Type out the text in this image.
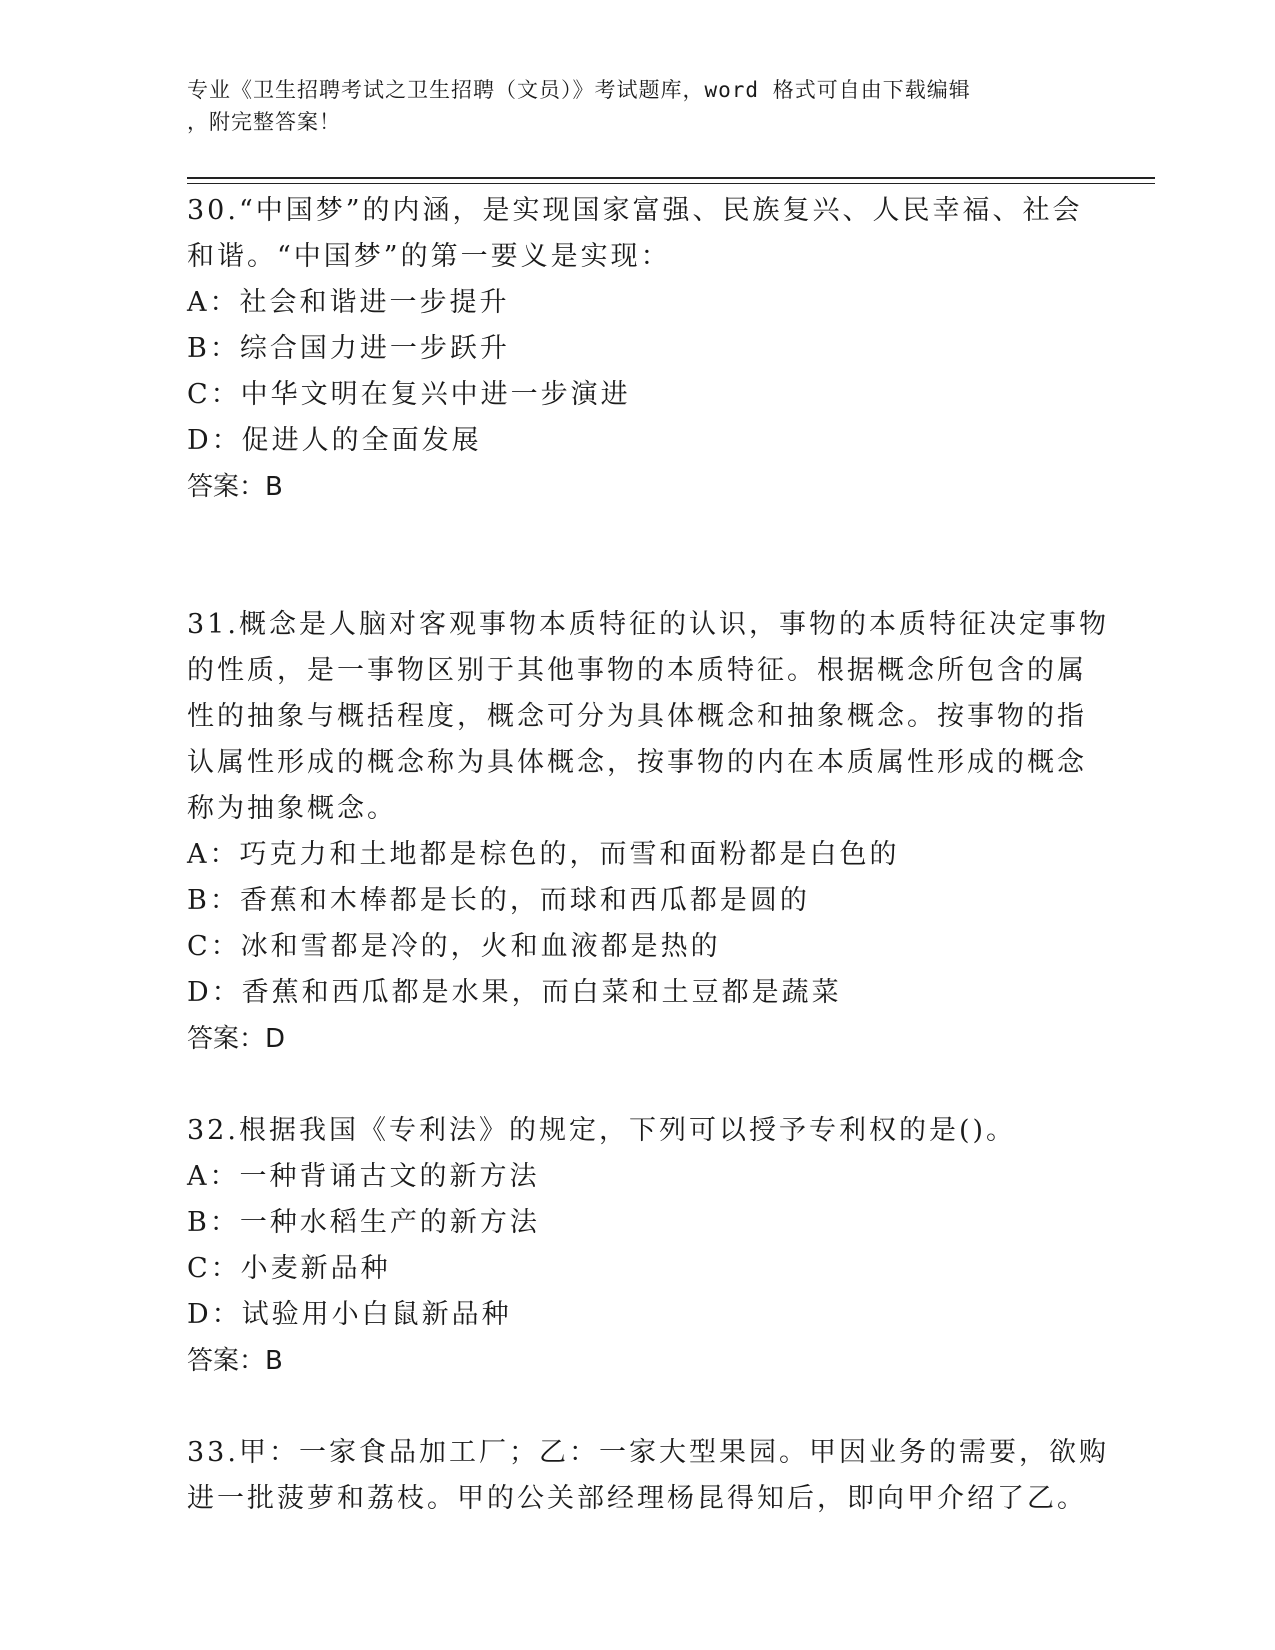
专业《卫生招聘考试之卫生招聘（文员）》考试题库，word 格式可自由下载编辑
，附完整答案！
30.“中国梦”的内涵，是实现国家富强、民族复兴、人民幸福、社会
和谐。“中国梦”的第一要义是实现：
A：社会和谐进一步提升
B：综合国力进一步跃升
C：中华文明在复兴中进一步演进
D：促进人的全面发展
答案：B
31.概念是人脑对客观事物本质特征的认识，事物的本质特征决定事物
的性质，是一事物区别于其他事物的本质特征。根据概念所包含的属
性的抽象与概括程度，概念可分为具体概念和抽象概念。按事物的指
认属性形成的概念称为具体概念，按事物的内在本质属性形成的概念
称为抽象概念。
A：巧克力和土地都是棕色的，而雪和面粉都是白色的
B：香蕉和木棒都是长的，而球和西瓜都是圆的
C：冰和雪都是冷的，火和血液都是热的
D：香蕉和西瓜都是水果，而白菜和土豆都是蔬菜
答案：D
32.根据我国《专利法》的规定，下列可以授予专利权的是()。
A：一种背诵古文的新方法
B：一种水稻生产的新方法
C：小麦新品种
D：试验用小白鼠新品种
答案：B
33.甲：一家食品加工厂；乙：一家大型果园。甲因业务的需要，欲购
进一批菠萝和荔枝。甲的公关部经理杨昆得知后，即向甲介绍了乙。
